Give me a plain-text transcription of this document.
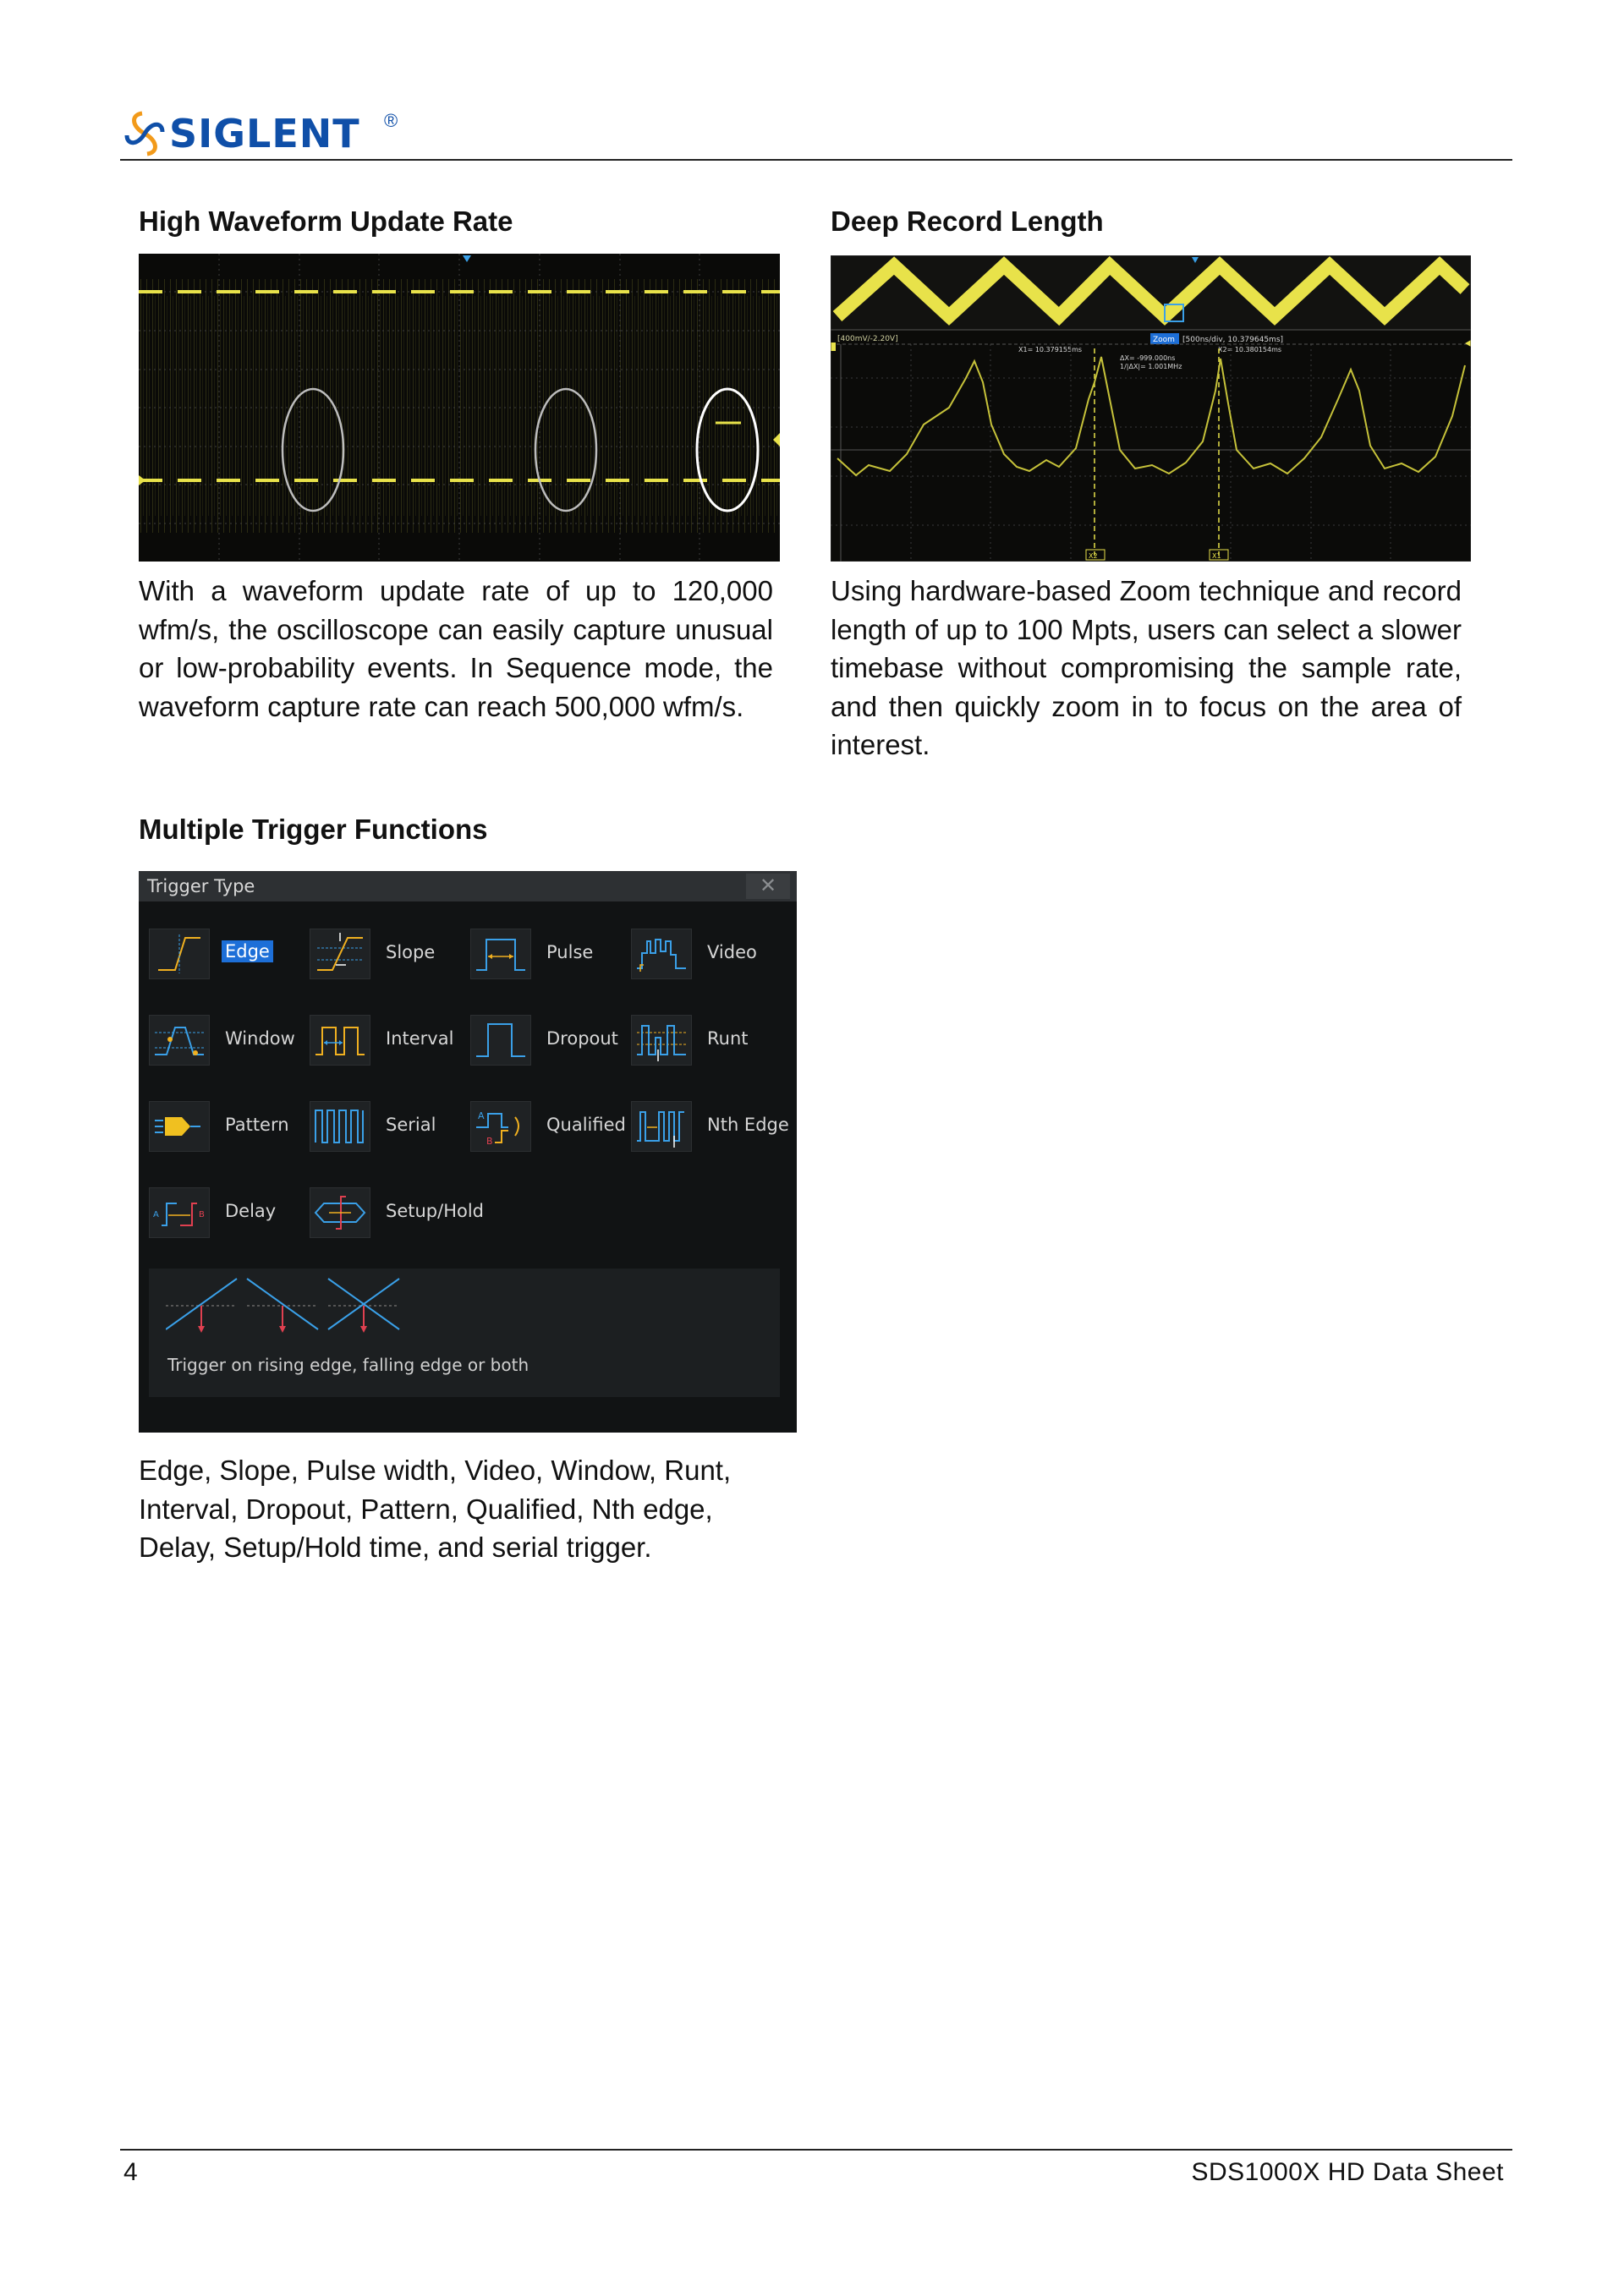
SIGLENT ®
High Waveform Update Rate
With a waveform update rate of up to 120,000 wfm/s, the oscilloscope can easily capture unusual or low-probability events. In Sequence mode, the waveform capture rate can reach 500,000 wfm/s.
Deep Record Length
[400mV/-2.20V]	Zoom [500ns/div, 10.379645ms]
X1= 10.379155ms	X2= 10.380154ms
ΔX= -999.000ns
1/|ΔX|= 1.001MHz
X2	X1
Using hardware-based Zoom technique and record length of up to 100 Mpts, users can select a slower timebase without compromising the sample rate, and then quickly zoom in to focus on the area of interest.
Multiple Trigger Functions
Trigger Type	✕
Edge	Slope	Pulse	Video
Window	Interval	Dropout	Runt
Pattern	Serial	A
B
Qualified	Nth Edge
A	B Delay	Setup/Hold
Trigger on rising edge, falling edge or both
Edge, Slope, Pulse width, Video, Window, Runt, Interval, Dropout, Pattern, Qualified, Nth edge, Delay, Setup/Hold time, and serial trigger.
4	SDS1000X HD Data Sheet
